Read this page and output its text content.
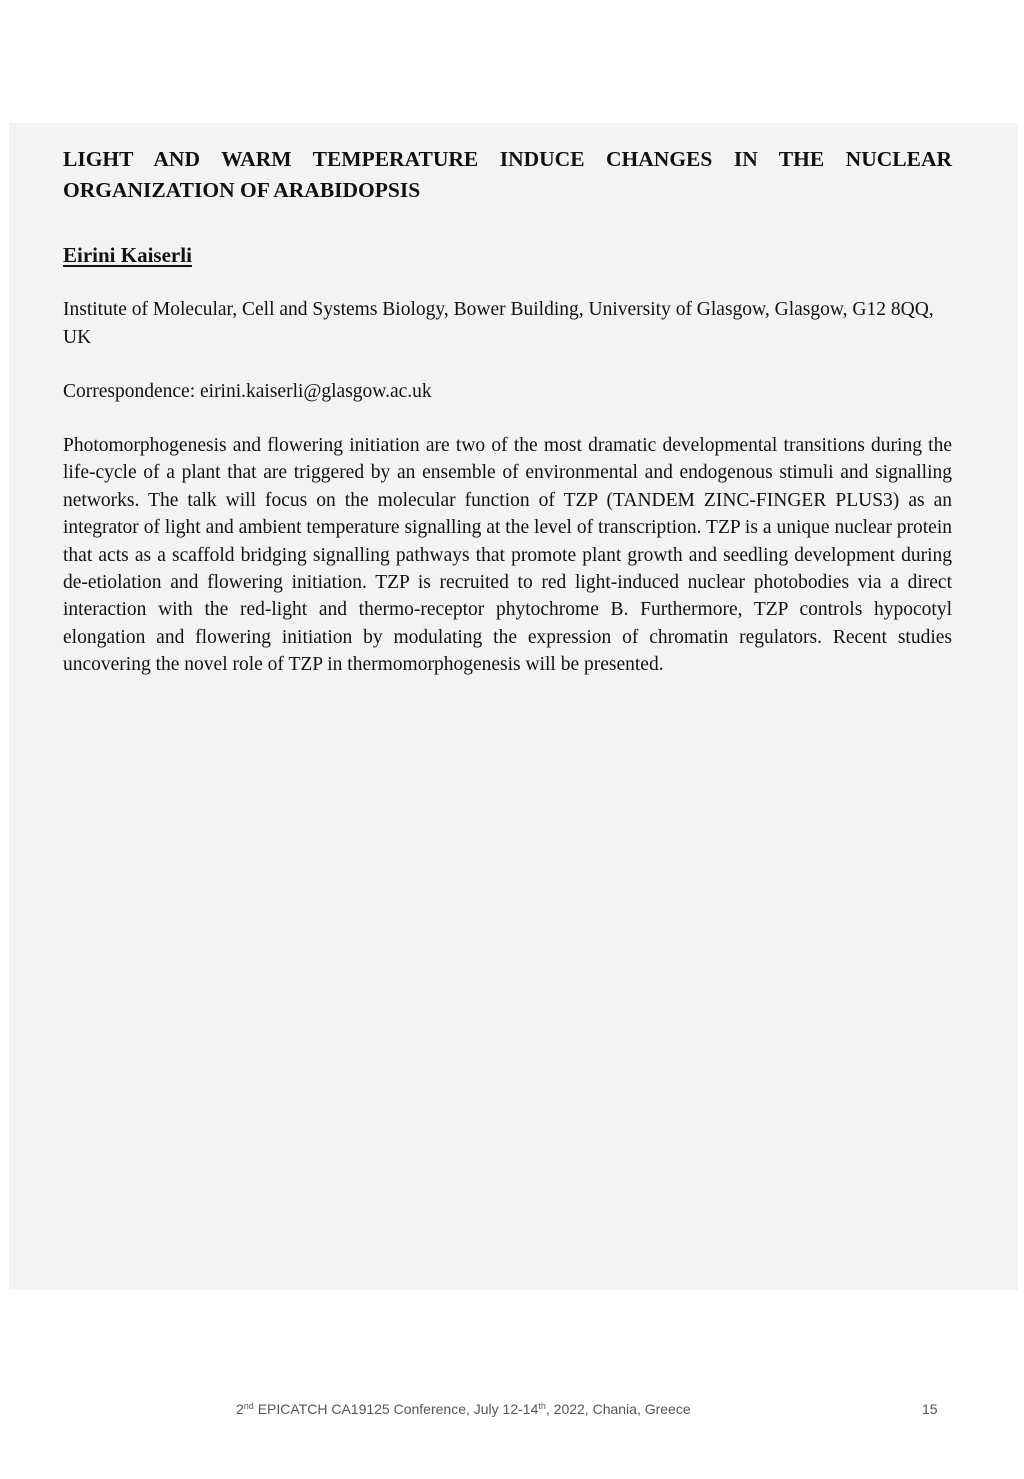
LIGHT AND WARM TEMPERATURE INDUCE CHANGES IN THE NUCLEAR ORGANIZATION OF ARABIDOPSIS

Eirini Kaiserli

Institute of Molecular, Cell and Systems Biology, Bower Building, University of Glasgow, Glasgow, G12 8QQ, UK

Correspondence: eirini.kaiserli@glasgow.ac.uk

Photomorphogenesis and flowering initiation are two of the most dramatic developmental transitions during the life-cycle of a plant that are triggered by an ensemble of environmental and endogenous stimuli and signalling networks. The talk will focus on the molecular function of TZP (TANDEM ZINC-FINGER PLUS3) as an integrator of light and ambient temperature signalling at the level of transcription. TZP is a unique nuclear protein that acts as a scaffold bridging signalling pathways that promote plant growth and seedling development during de-etiolation and flowering initiation. TZP is recruited to red light-induced nuclear photobodies via a direct interaction with the red-light and thermo-receptor phytochrome B. Furthermore, TZP controls hypocotyl elongation and flowering initiation by modulating the expression of chromatin regulators. Recent studies uncovering the novel role of TZP in thermomorphogenesis will be presented.

2nd EPICATCH CA19125 Conference, July 12-14th, 2022, Chania, Greece	15
